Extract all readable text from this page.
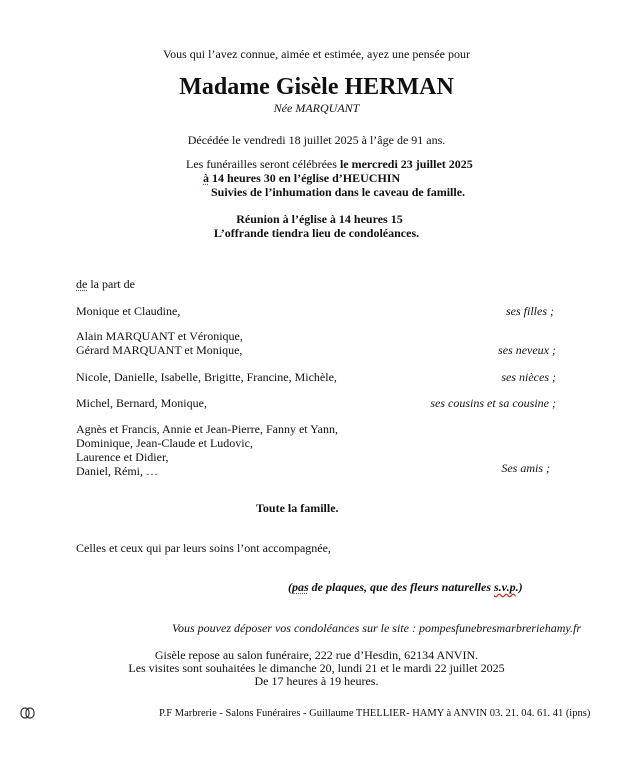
Vous qui l’avez connue, aimée et estimée, ayez une pensée pour
Madame Gisèle HERMAN
Née MARQUANT
Décédée le vendredi 18 juillet 2025 à l’âge de 91 ans.
Les funérailles seront célébrées le mercredi 23 juillet 2025
à 14 heures 30 en l’église d’HEUCHIN
Suivies de l’inhumation dans le caveau de famille.
Réunion à l’église à 14 heures 15
L’offrande tiendra lieu de condoléances.
de la part de
Monique et Claudine,	ses filles ;
Alain MARQUANT et Véronique,
Gérard MARQUANT et Monique,	ses neveux ;
Nicole, Danielle, Isabelle, Brigitte, Francine, Michèle,	ses nièces ;
Michel, Bernard, Monique,	ses cousins et sa cousine ;
Agnès et Francis, Annie et Jean-Pierre, Fanny et Yann,
Dominique, Jean-Claude et Ludovic,
Laurence et Didier,
Daniel, Rémi, …	Ses amis ;
Toute la famille.
Celles et ceux qui par leurs soins l’ont accompagnée,
(pas de plaques, que des fleurs naturelles s.v.p.)
Vous pouvez déposer vos condoléances sur le site : pompesfunebresmarbreriehamy.fr
Gisèle repose au salon funéraire, 222 rue d’Hesdin, 62134 ANVIN.
Les visites sont souhaitées le dimanche 20, lundi 21 et le mardi 22 juillet 2025
De 17 heures à 19 heures.
P.F Marbrerie - Salons Funéraires - Guillaume THELLIER- HAMY à ANVIN 03. 21. 04. 61. 41 (ipns)
